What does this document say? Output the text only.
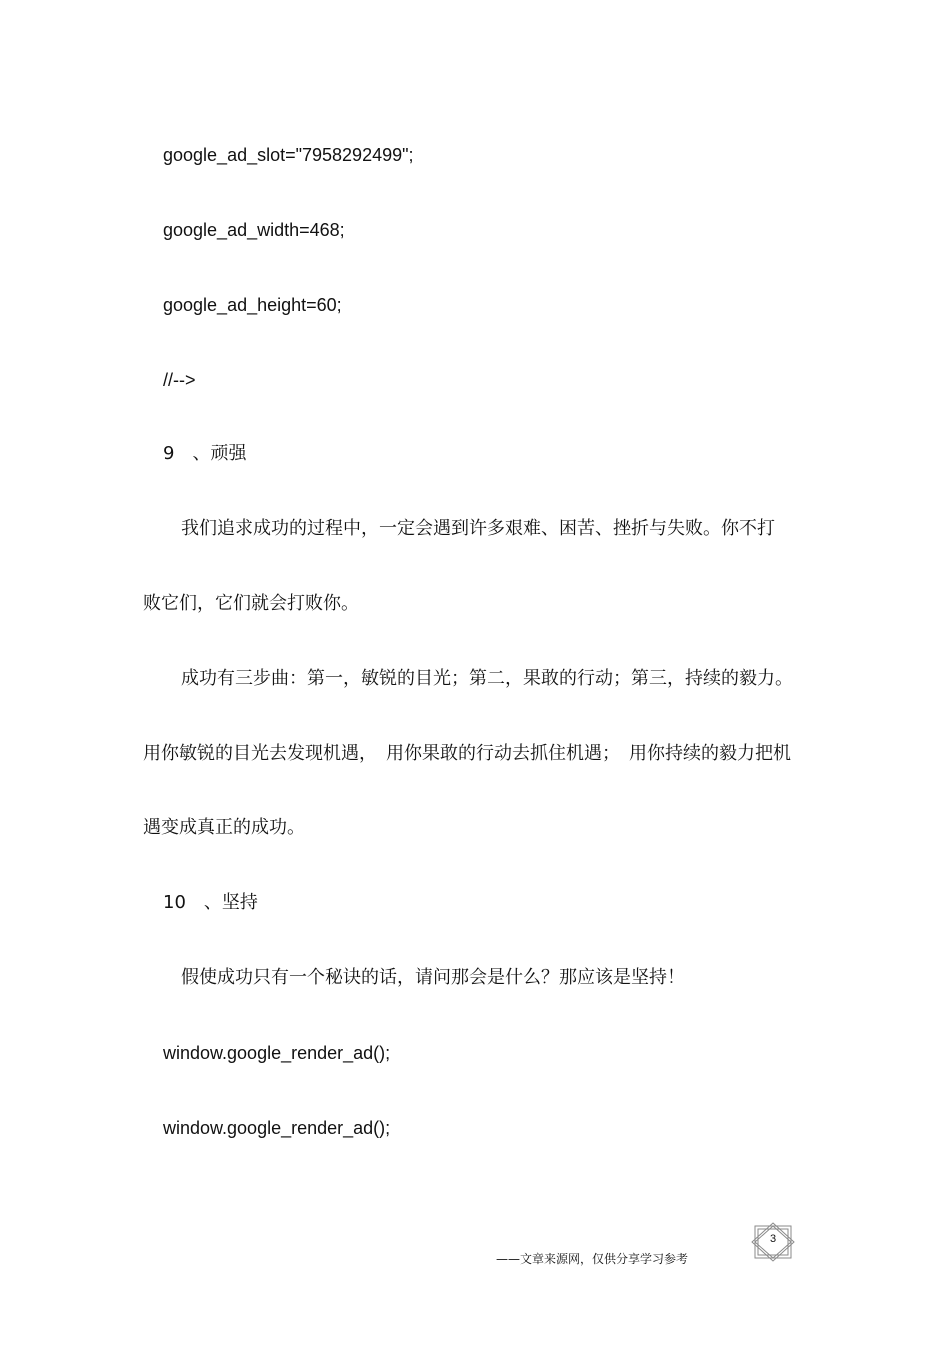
google_ad_slot="7958292499";
google_ad_width=468;
google_ad_height=60;
//-->
9　、顽强
我们追求成功的过程中，一定会遇到许多艰难、困苦、挫折与失败。你不打
败它们，它们就会打败你。
成功有三步曲：第一，敏锐的目光；第二，果敢的行动；第三，持续的毅力。
用你敏锐的目光去发现机遇，　用你果敢的行动去抓住机遇；　用你持续的毅力把机
遇变成真正的成功。
10　、坚持
假使成功只有一个秘诀的话，请问那会是什么？那应该是坚持！
window.google_render_ad();
window.google_render_ad();
——文章来源网，仅供分享学习参考
3
